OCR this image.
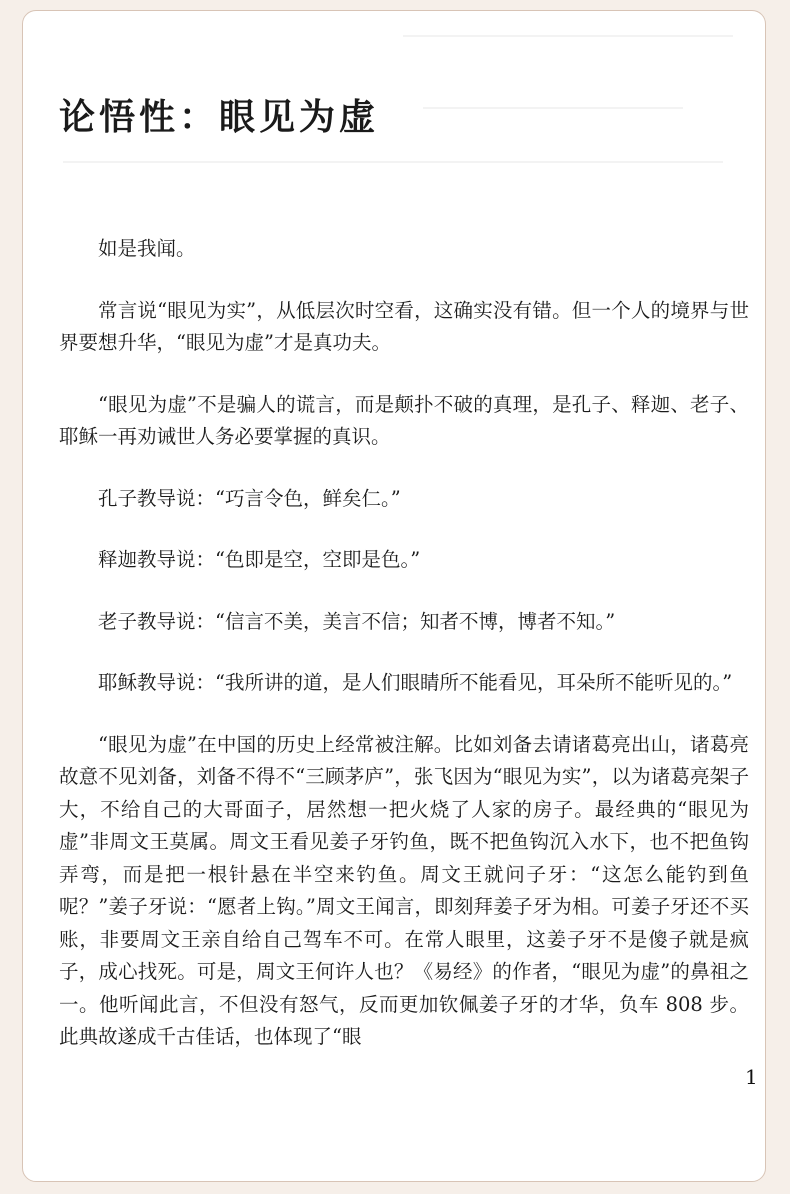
论悟性：眼见为虚

如是我闻。

常言说“眼见为实”，从低层次时空看，这确实没有错。但一个人的境界与世界要想升华，“眼见为虚”才是真功夫。

“眼见为虚”不是骗人的谎言，而是颠扑不破的真理，是孔子、释迦、老子、耶稣一再劝诫世人务必要掌握的真识。

孔子教导说：“巧言令色，鲜矣仁。”

释迦教导说：“色即是空，空即是色。”

老子教导说：“信言不美，美言不信；知者不博，博者不知。”

耶稣教导说：“我所讲的道，是人们眼睛所不能看见，耳朵所不能听见的。”

“眼见为虚”在中国的历史上经常被注解。比如刘备去请诸葛亮出山，诸葛亮故意不见刘备，刘备不得不“三顾茅庐”，张飞因为“眼见为实”，以为诸葛亮架子大，不给自己的大哥面子，居然想一把火烧了人家的房子。最经典的“眼见为虚”非周文王莫属。周文王看见姜子牙钓鱼，既不把鱼钩沉入水下，也不把鱼钩弄弯，而是把一根针悬在半空来钓鱼。周文王就问子牙：“这怎么能钓到鱼呢？”姜子牙说：“愿者上钩。”周文王闻言，即刻拜姜子牙为相。可姜子牙还不买账，非要周文王亲自给自己驾车不可。在常人眼里，这姜子牙不是傻子就是疯子，成心找死。可是，周文王何许人也？《易经》的作者，“眼见为虚”的鼻祖之一。他听闻此言，不但没有怒气，反而更加钦佩姜子牙的才华，负车 808 步。此典故遂成千古佳话，也体现了“眼

1
